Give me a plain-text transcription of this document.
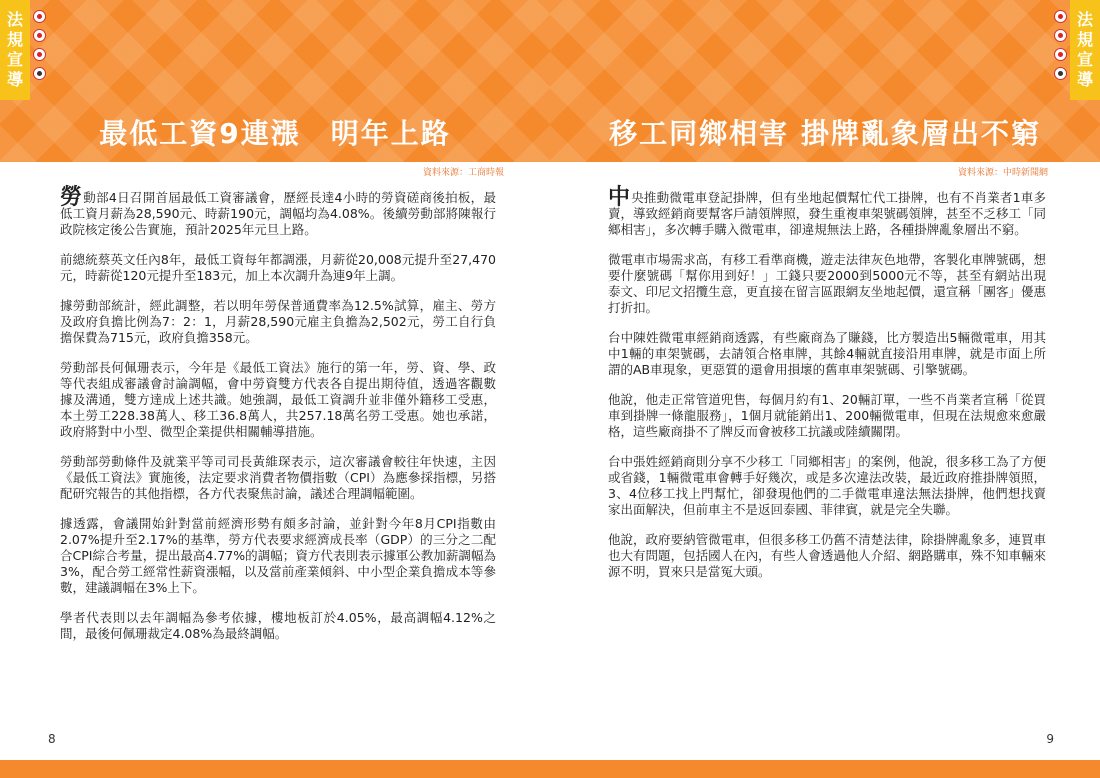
法
規
宣
導
最低工資9連漲　明年上路
資料來源：工商時報

勞動部4日召開首屆最低工資審議會，歷經長達4小時的勞資磋商後拍板，最低工資月薪為28,590元、時薪190元，調幅均為4.08%。後續勞動部將陳報行政院核定後公告實施，預計2025年元旦上路。

前總統蔡英文任內8年，最低工資每年都調漲，月薪從20,008元提升至27,470元，時薪從120元提升至183元，加上本次調升為連9年上調。

據勞動部統計，經此調整，若以明年勞保普通費率為12.5%試算，雇主、勞方及政府負擔比例為7：2：1，月薪28,590元雇主負擔為2,502元，勞工自行負擔保費為715元，政府負擔358元。

勞動部長何佩珊表示，今年是《最低工資法》施行的第一年，勞、資、學、政等代表組成審議會討論調幅，會中勞資雙方代表各自提出期待值，透過客觀數據及溝通，雙方達成上述共識。她強調，最低工資調升並非僅外籍移工受惠，本土勞工228.38萬人、移工36.8萬人，共257.18萬名勞工受惠。她也承諾，政府將對中小型、微型企業提供相關輔導措施。

勞動部勞動條件及就業平等司司長黃維琛表示，這次審議會較往年快速，主因《最低工資法》實施後，法定要求消費者物價指數（CPI）為應參採指標，另搭配研究報告的其他指標，各方代表聚焦討論，議述合理調幅範圍。

據透露，會議開始針對當前經濟形勢有頗多討論，並針對今年8月CPI指數由2.07%提升至2.17%的基準，勞方代表要求經濟成長率（GDP）的三分之二配合CPI綜合考量，提出最高4.77%的調幅；資方代表則表示據軍公教加薪調幅為3%，配合勞工經常性薪資漲幅，以及當前產業傾斜、中小型企業負擔成本等參數，建議調幅在3%上下。

學者代表則以去年調幅為參考依據，樓地板訂於4.05%，最高調幅4.12%之間，最後何佩珊裁定4.08%為最終調幅。

8
法
規
宣
導
移工同鄉相害 掛牌亂象層出不窮
資料來源：中時新聞網

中央推動微電車登記掛牌，但有坐地起價幫忙代工掛牌，也有不肖業者1車多賣，導致經銷商要幫客戶請領牌照，發生重複車架號碼領牌，甚至不乏移工「同鄉相害」，多次轉手購入微電車，卻違規無法上路，各種掛牌亂象層出不窮。

微電車市場需求高，有移工看準商機，遊走法律灰色地帶，客製化車牌號碼，想要什麼號碼「幫你用到好！」工錢只要2000到5000元不等，甚至有網站出現泰文、印尼文招攬生意，更直接在留言區跟網友坐地起價，還宣稱「團客」優惠打折扣。

台中陳姓微電車經銷商透露，有些廠商為了賺錢，比方製造出5輛微電車，用其中1輛的車架號碼，去請領合格車牌，其餘4輛就直接沿用車牌，就是市面上所謂的AB車現象，更惡質的還會用損壞的舊車車架號碼、引擎號碼。

他說，他走正常管道兜售，每個月約有1、20輛訂單，一些不肖業者宣稱「從買車到掛牌一條龍服務」，1個月就能銷出1、200輛微電車，但現在法規愈來愈嚴格，這些廠商掛不了牌反而會被移工抗議或陸續關閉。

台中張姓經銷商則分享不少移工「同鄉相害」的案例，他說，很多移工為了方便或省錢，1輛微電車會轉手好幾次，或是多次違法改裝，最近政府推掛牌領照，3、4位移工找上門幫忙，卻發現他們的二手微電車違法無法掛牌，他們想找賣家出面解決，但前車主不是返回泰國、菲律賓，就是完全失聯。

他說，政府要納管微電車，但很多移工仍舊不清楚法律，除掛牌亂象多，連買車也大有問題，包括國人在內，有些人會透過他人介紹、網路購車，殊不知車輛來源不明，買來只是當冤大頭。

9
